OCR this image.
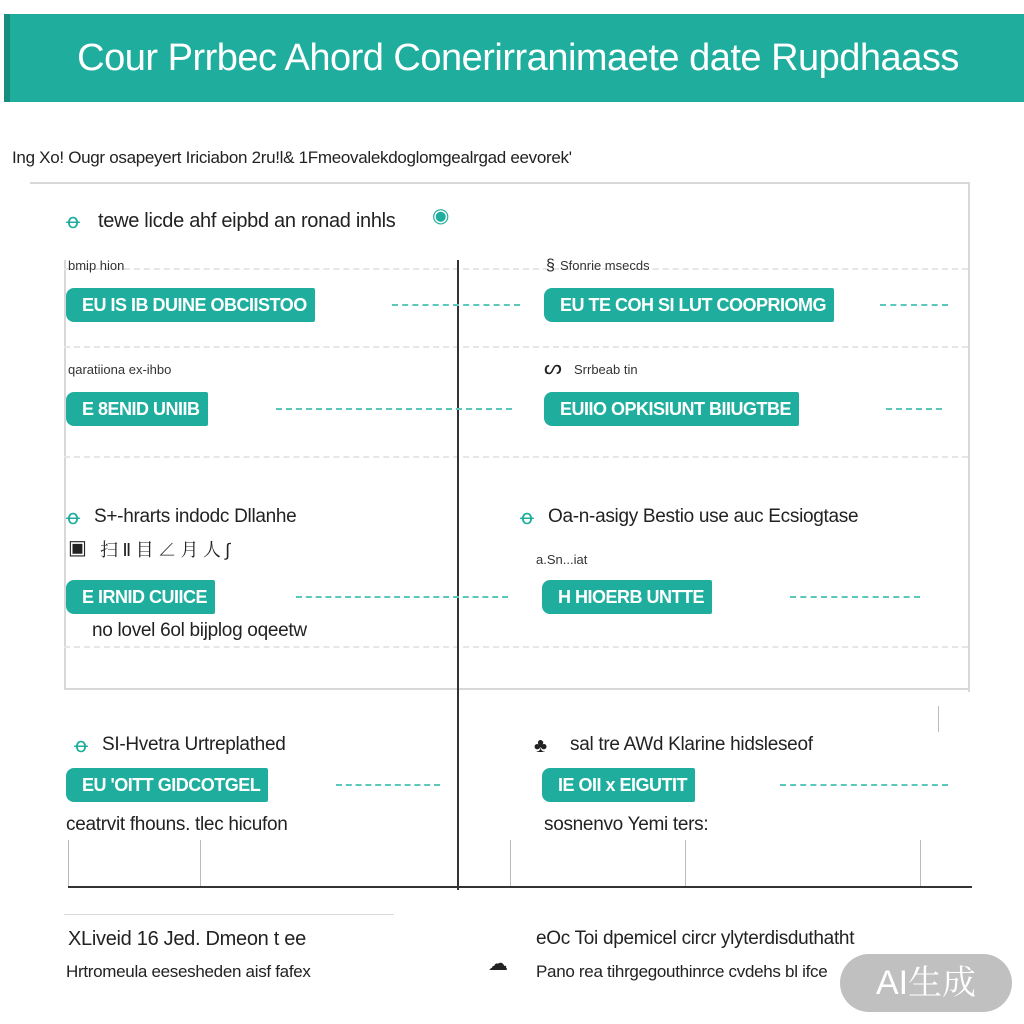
Cour Prrbec Ahord Conerirranimaete date Rupdhaass
Ing Xo! Ougr osapeyert Iriciabon 2ru!l& 1Fmeovalekdoglomgealrgad eevorek'
ꝋ tewe licde ahf eipbd an ronad inhls ◉
bmip hion
EU IS IB DUINE OBCIISTOO
qaratiiona ex-ihbo
E 8ENID UNIIB
ꝋ S+-hrarts indodc Dllanhe
▣ 扫 Ⅱ 目 ∠ 月 人 ∫
E IRNID CUIICE
no lovel 6ol bijplog oqeetw
ꝋ SI-Hvetra Urtreplathed
EU 'OITT GIDCOTGEL
ceatrvit fhouns. tlec hicufon
§ Sfonrie msecds
EU TE COH SI LUT COOPRIOMG
ᔕ Srrbeab tin
EUIIO OPKISIUNT BIIUGTBE
ꝋ Oa-n-asigy Bestio use auc Ecsiogtase
a.Sn...iat
H HIOERB UNTTE
♣ sal tre AWd Klarine hidsleseof
IE OII x EIGUTIT
sosnenvo Yemi ters:
XLiveid 16 Jed. Dmeon t ee
Hrtromeula eesesheden aisf fafex	☁
eOc Toi dpemicel circr ylyterdisduthatht
Pano rea tihrgegouthinrce cvdehs bl ifce	AI生成
